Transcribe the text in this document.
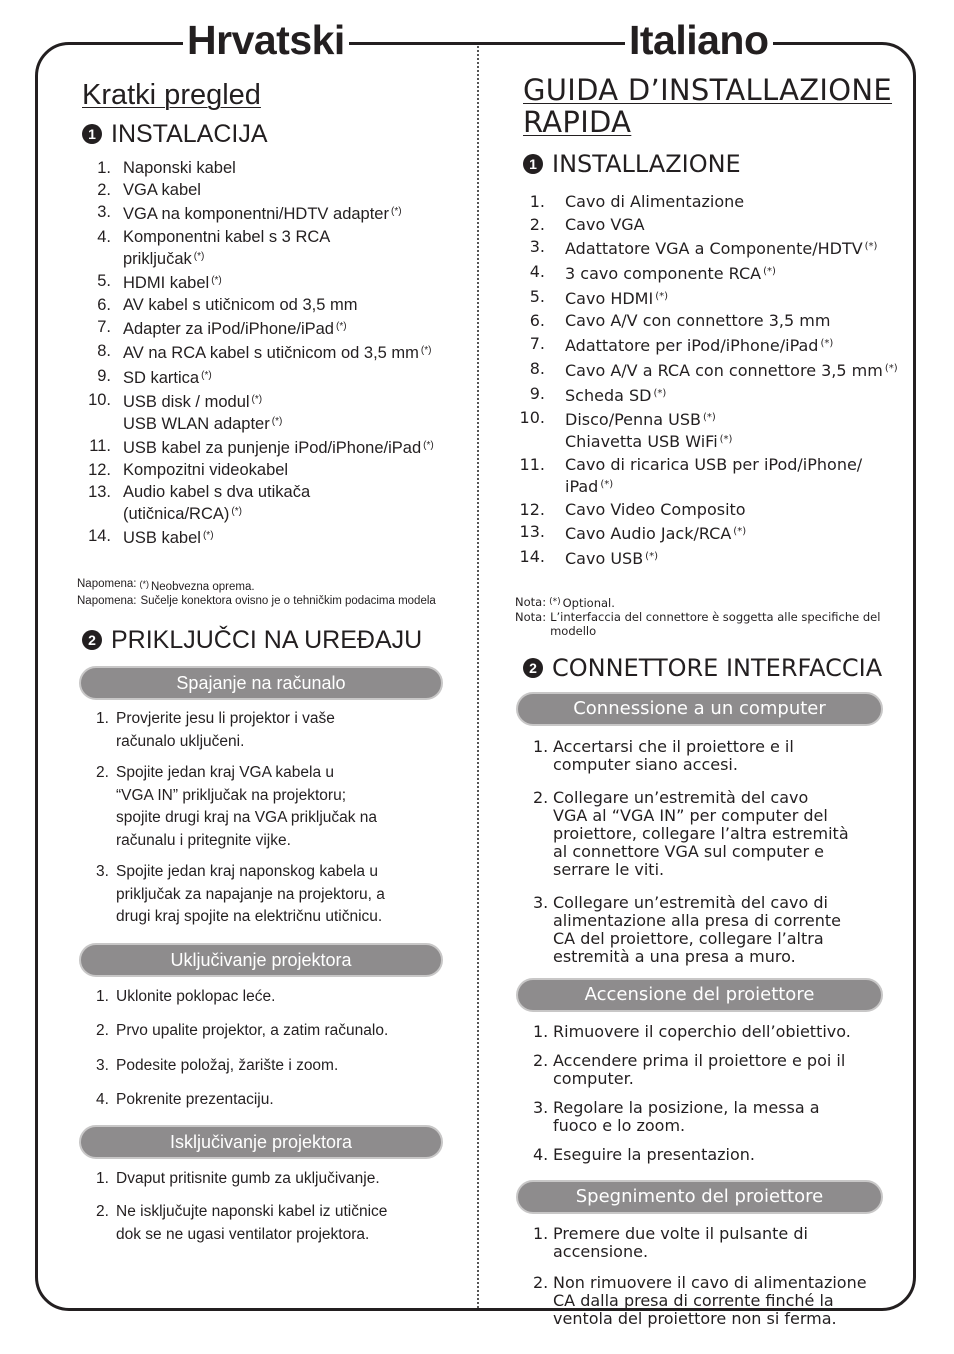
Hrvatski	Italiano
Kratki pregled
1 INSTALACIJA
1. Naponski kabel
2. VGA kabel
3. VGA na komponentni/HDTV adapter (*)
4. Komponentni kabel s 3 RCA
priključak (*)
5. HDMI kabel (*)
6. AV kabel s utičnicom od 3,5 mm
7. Adapter za iPod/iPhone/iPad (*)
8. AV na RCA kabel s utičnicom od 3,5 mm (*)
9. SD kartica (*)
10. USB disk / modul (*)
USB WLAN adapter (*)
11. USB kabel za punjenje iPod/iPhone/iPad (*)
12. Kompozitni videokabel
13. Audio kabel s dva utikača
(utičnica/RCA) (*)
14. USB kabel (*)
Napomena: (*) Neobvezna oprema.
Napomena: Sučelje konektora ovisno je o tehničkim podacima modela
2 PRIKLJUČCI NA UREĐAJU
Spajanje na računalo
1. Provjerite jesu li projektor i vaše
računalo uključeni.
2. Spojite jedan kraj VGA kabela u
“VGA IN” priključak na projektoru;
spojite drugi kraj na VGA priključak na
računalu i pritegnite vijke.
3. Spojite jedan kraj naponskog kabela u
priključak za napajanje na projektoru, a
drugi kraj spojite na električnu utičnicu.
Uključivanje projektora
1. Uklonite poklopac leće.
2. Prvo upalite projektor, a zatim računalo.
3. Podesite položaj, žarište i zoom.
4. Pokrenite prezentaciju.
Isključivanje projektora
1. Dvaput pritisnite gumb za uključivanje.
2. Ne isključujte naponski kabel iz utičnice
dok se ne ugasi ventilator projektora.
GUIDA D’INSTALLAZIONE
RAPIDA
1 INSTALLAZIONE
1.	Cavo di Alimentazione
2.	Cavo VGA
3.	Adattatore VGA a Componente/HDTV (*)
4.	3 cavo componente RCA (*)
5.	Cavo HDMI (*)
6.	Cavo A/V con connettore 3,5 mm
7.	Adattatore per iPod/iPhone/iPad (*)
8.	Cavo A/V a RCA con connettore 3,5 mm (*)
9.	Scheda SD (*)
10.	Disco/Penna USB (*)
Chiavetta USB WiFi (*)
11.	Cavo di ricarica USB per iPod/iPhone/
iPad (*)
12.	Cavo Video Composito
13.	Cavo Audio Jack/RCA (*)
14.	Cavo USB (*)
Nota: (*) Optional.
Nota: L’interfaccia del connettore è soggetta alle specifiche del modello
2 CONNETTORE INTERFACCIA
Connessione a un computer
1. Accertarsi che il proiettore e il
computer siano accesi.
2. Collegare un’estremità del cavo
VGA al “VGA IN” per computer del
proiettore, collegare l’altra estremità
al connettore VGA sul computer e
serrare le viti.
3. Collegare un’estremità del cavo di
alimentazione alla presa di corrente
CA del proiettore, collegare l’altra
estremità a una presa a muro.
Accensione del proiettore
1. Rimuovere il coperchio dell’obiettivo.
2. Accendere prima il proiettore e poi il
computer.
3. Regolare la posizione, la messa a
fuoco e lo zoom.
4. Eseguire la presentazion.
Spegnimento del proiettore
1. Premere due volte il pulsante di
accensione.
2. Non rimuovere il cavo di alimentazione
CA dalla presa di corrente finché la
ventola del proiettore non si ferma.
